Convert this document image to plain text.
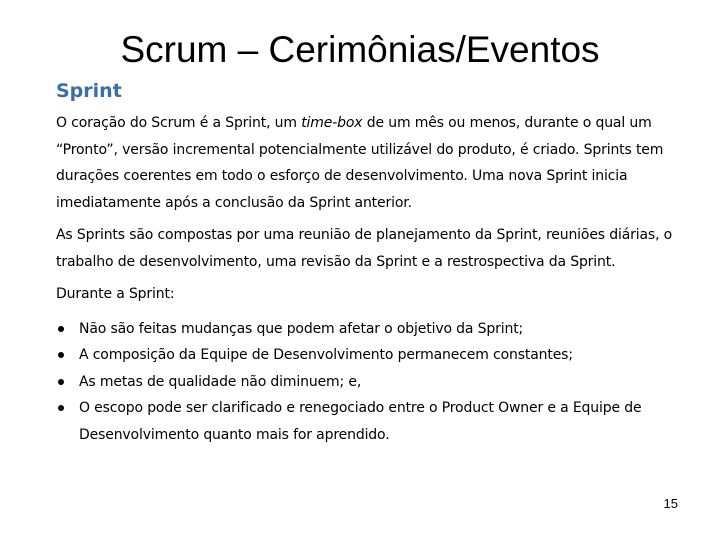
Scrum – Cerimônias/Eventos
Sprint

O coração do Scrum é a Sprint, um time-box de um mês ou menos, durante o qual um “Pronto”, versão incremental potencialmente utilizável do produto, é criado. Sprints tem durações coerentes em todo o esforço de desenvolvimento. Uma nova Sprint inicia imediatamente após a conclusão da Sprint anterior.

As Sprints são compostas por uma reunião de planejamento da Sprint, reuniões diárias, o trabalho de desenvolvimento, uma revisão da Sprint e a restrospectiva da Sprint.

Durante a Sprint:

Não são feitas mudanças que podem afetar o objetivo da Sprint;
A composição da Equipe de Desenvolvimento permanecem constantes;
As metas de qualidade não diminuem; e,
O escopo pode ser clarificado e renegociado entre o Product Owner e a Equipe de Desenvolvimento quanto mais for aprendido.
15
